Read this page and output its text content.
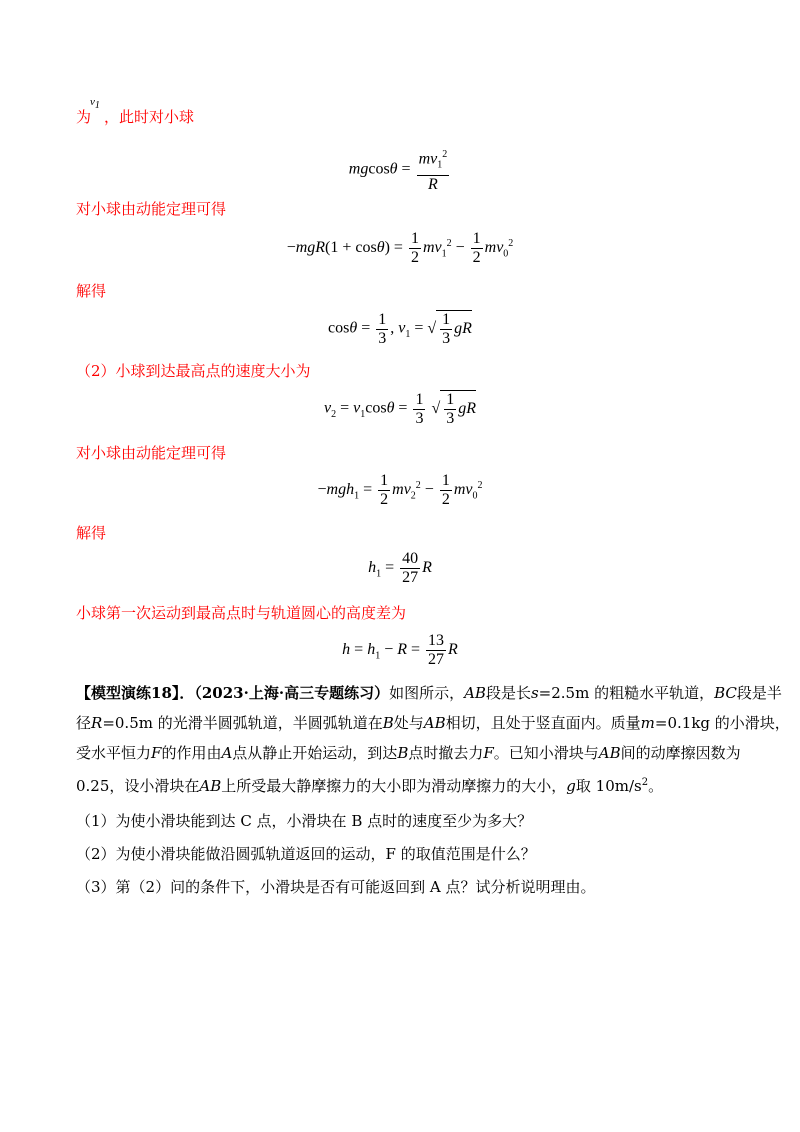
为
$v_1$
，此时对小球
$mgcos\theta = \frac{mv_1^2}{R}$
对小球由动能定理可得
$-mgR(1 + \cos\theta) = \frac{1}{2} mv_1^2 - \frac{1}{2} mv_0^2$
解得
$\cos\theta = \frac{1}{3}$ , $v_1$ = √ $\frac{1}{3}$ gR
（2）小球到达最高点的速度大小为
$v_2 = v_1\cos\theta = \frac{1}{3}$ √ $\frac{1}{3}$ gR
对小球由动能定理可得
$-mgh_1 = \frac{1}{2} mv_2^2 - \frac{1}{2} mv_0^2$
解得
$h_1 = \frac{40}{27}$ R
小球第一次运动到最高点时与轨道圆心的高度差为
$h = h_1 - R = \frac{13}{27}$ R
【模型演练18】．（2023·上海·高三专题练习）如图所示，AB段是长s=2.5m 的粗糙水平轨道，BC段是半
径R=0.5m 的光滑半圆弧轨道，半圆弧轨道在B处与AB相切，且处于竖直面内。质量m=0.1kg 的小滑块，
受水平恒力F的作用由A点从静止开始运动，到达B点时撤去力F。已知小滑块与AB间的动摩擦因数为
0.25，设小滑块在AB上所受最大静摩擦力的大小即为滑动摩擦力的大小，g取 $10m/s^2$。
（1）为使小滑块能到达 C 点，小滑块在 B 点时的速度至少为多大？
（2）为使小滑块能做沿圆弧轨道返回的运动，F 的取值范围是什么？
（3）第（2）问的条件下，小滑块是否有可能返回到 A 点？试分析说明理由。
